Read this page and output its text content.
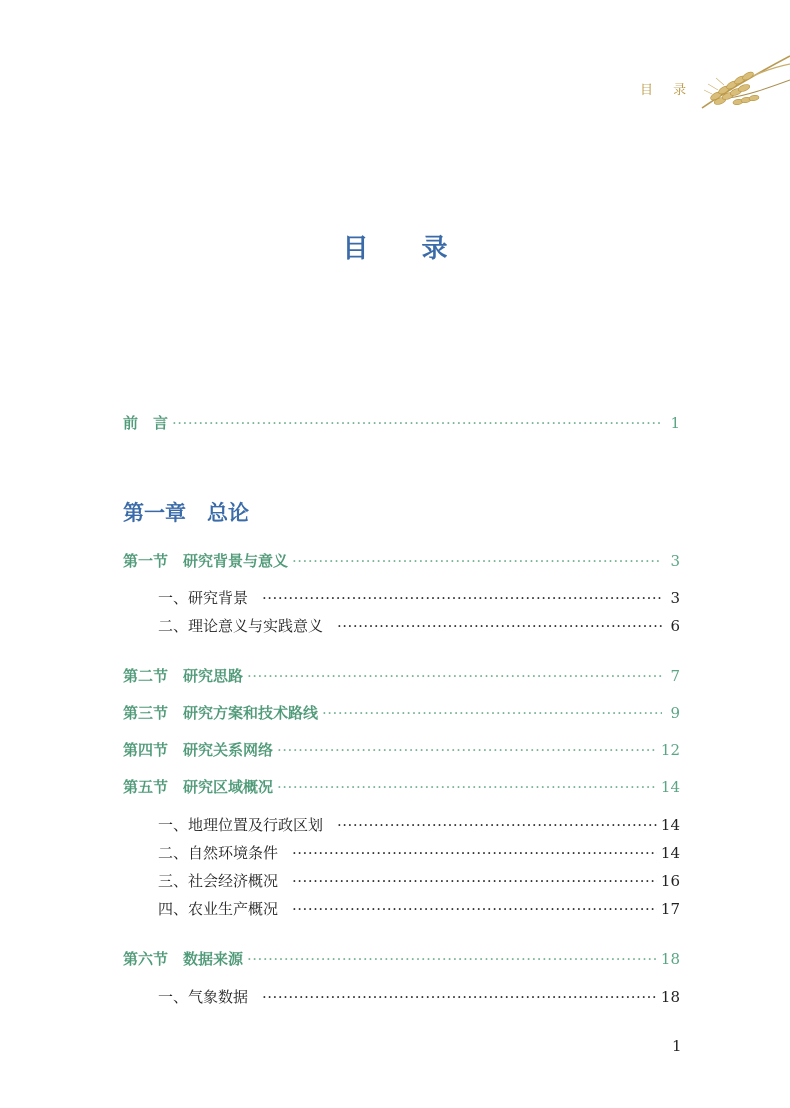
目 录
目 录
前　言 ·····	1
第一章　总论
第一节　研究背景与意义 ·····	3
一、研究背景 ·····	3
二、理论意义与实践意义 ·····	6
第二节　研究思路 ·····	7
第三节　研究方案和技术路线 ·····	9
第四节　研究关系网络 ·····	12
第五节　研究区域概况 ·····	14
一、地理位置及行政区划 ·····	14
二、自然环境条件 ·····	14
三、社会经济概况 ·····	16
四、农业生产概况 ·····	17
第六节　数据来源 ·····	18
一、气象数据 ·····	18
1
